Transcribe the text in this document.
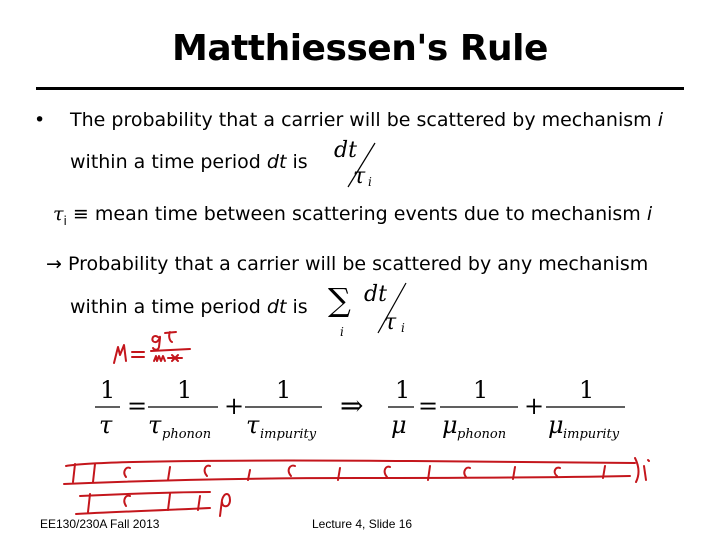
Matthiessen's Rule
• The probability that a carrier will be scattered by mechanism i
within a time period dt is dt
τ i
$\tau_i$ ≡ mean time between scattering events due to mechanism i
→ Probability that a carrier will be scattered by any mechanism
within a time period dt is ∑
i
dt
τ i
1
τ
=
1
τ phonon
+
1
τ impurity
⇒ 1
μ
=
1
μ phonon
+
1
μ impurity
EE130/230A Fall 2013	Lecture 4, Slide 16
